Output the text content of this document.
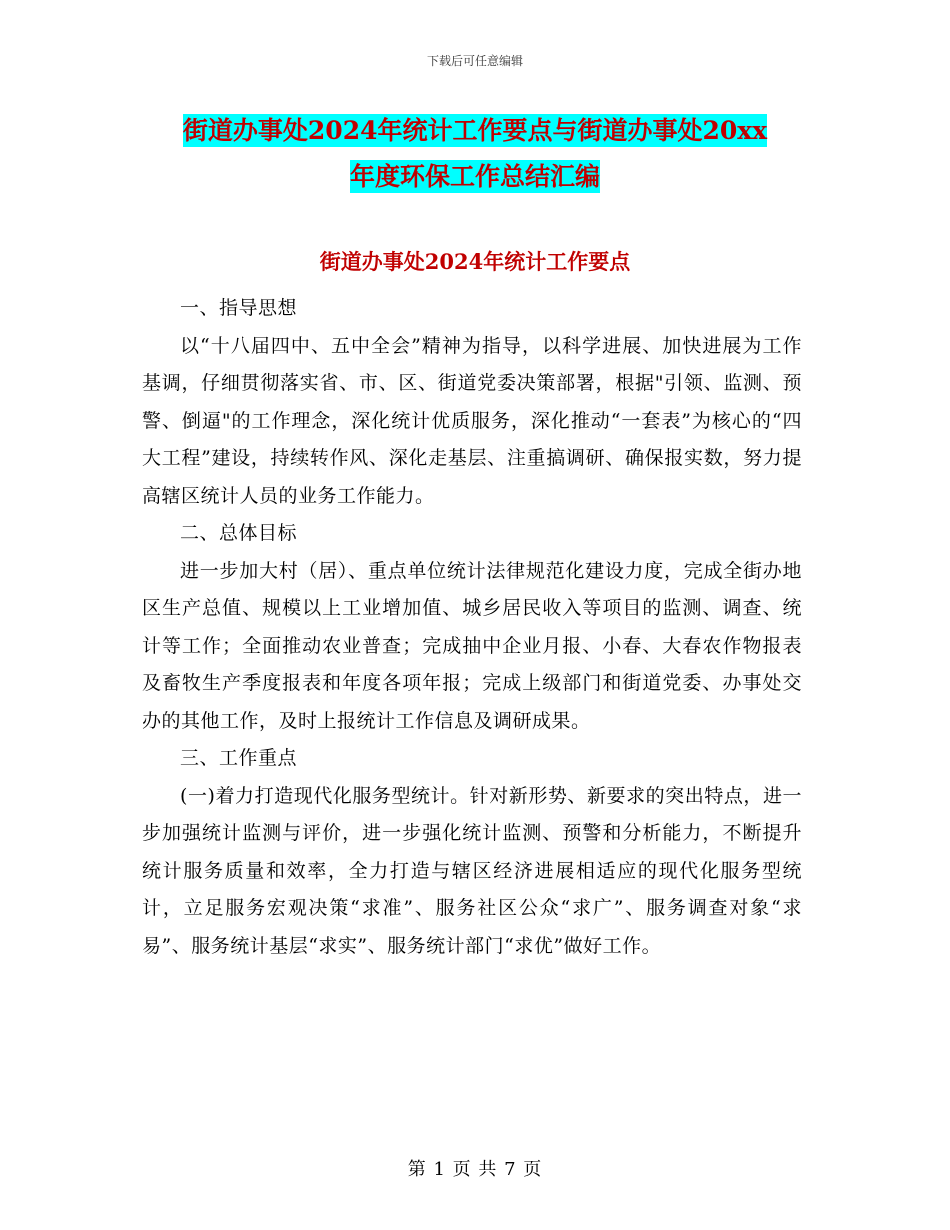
下载后可任意编辑
街道办事处2024年统计工作要点与街道办事处20xx
年度环保工作总结汇编
街道办事处2024年统计工作要点

一、指导思想

以“十八届四中、五中全会”精神为指导，以科学进展、加快进展为工作基调，仔细贯彻落实省、市、区、街道党委决策部署，根据"引领、监测、预警、倒逼"的工作理念，深化统计优质服务，深化推动“一套表”为核心的“四大工程”建设，持续转作风、深化走基层、注重搞调研、确保报实数，努力提高辖区统计人员的业务工作能力。

二、总体目标

进一步加大村（居）、重点单位统计法律规范化建设力度，完成全街办地区生产总值、规模以上工业增加值、城乡居民收入等项目的监测、调查、统计等工作；全面推动农业普查；完成抽中企业月报、小春、大春农作物报表及畜牧生产季度报表和年度各项年报；完成上级部门和街道党委、办事处交办的其他工作，及时上报统计工作信息及调研成果。

三、工作重点

(一)着力打造现代化服务型统计。针对新形势、新要求的突出特点，进一步加强统计监测与评价，进一步强化统计监测、预警和分析能力，不断提升统计服务质量和效率，全力打造与辖区经济进展相适应的现代化服务型统计，立足服务宏观决策“求准”、服务社区公众“求广”、服务调查对象“求易”、服务统计基层“求实”、服务统计部门“求优”做好工作。

第 1 页 共 7 页
